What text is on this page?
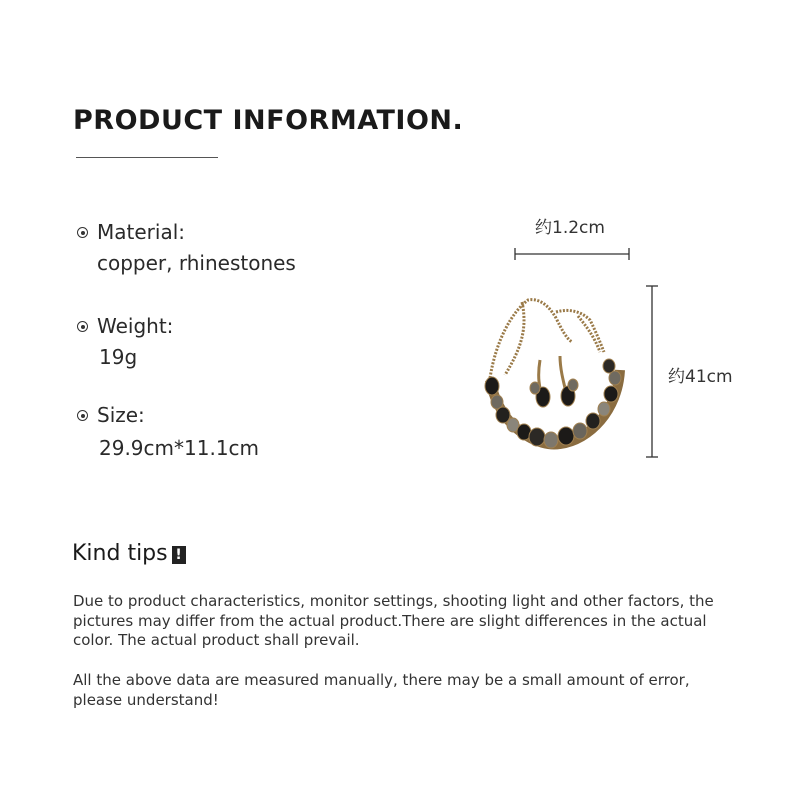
PRODUCT INFORMATION.
Material:
copper, rhinestones
Weight:
19g
Size:
29.9cm*11.1cm
约1.2cm
约41cm
Kind tips !
Due to product characteristics, monitor settings, shooting light and other factors, the pictures may differ from the actual product.There are slight differences in the actual color. The actual product shall prevail.
All the above data are measured manually, there may be a small amount of error, please understand!
